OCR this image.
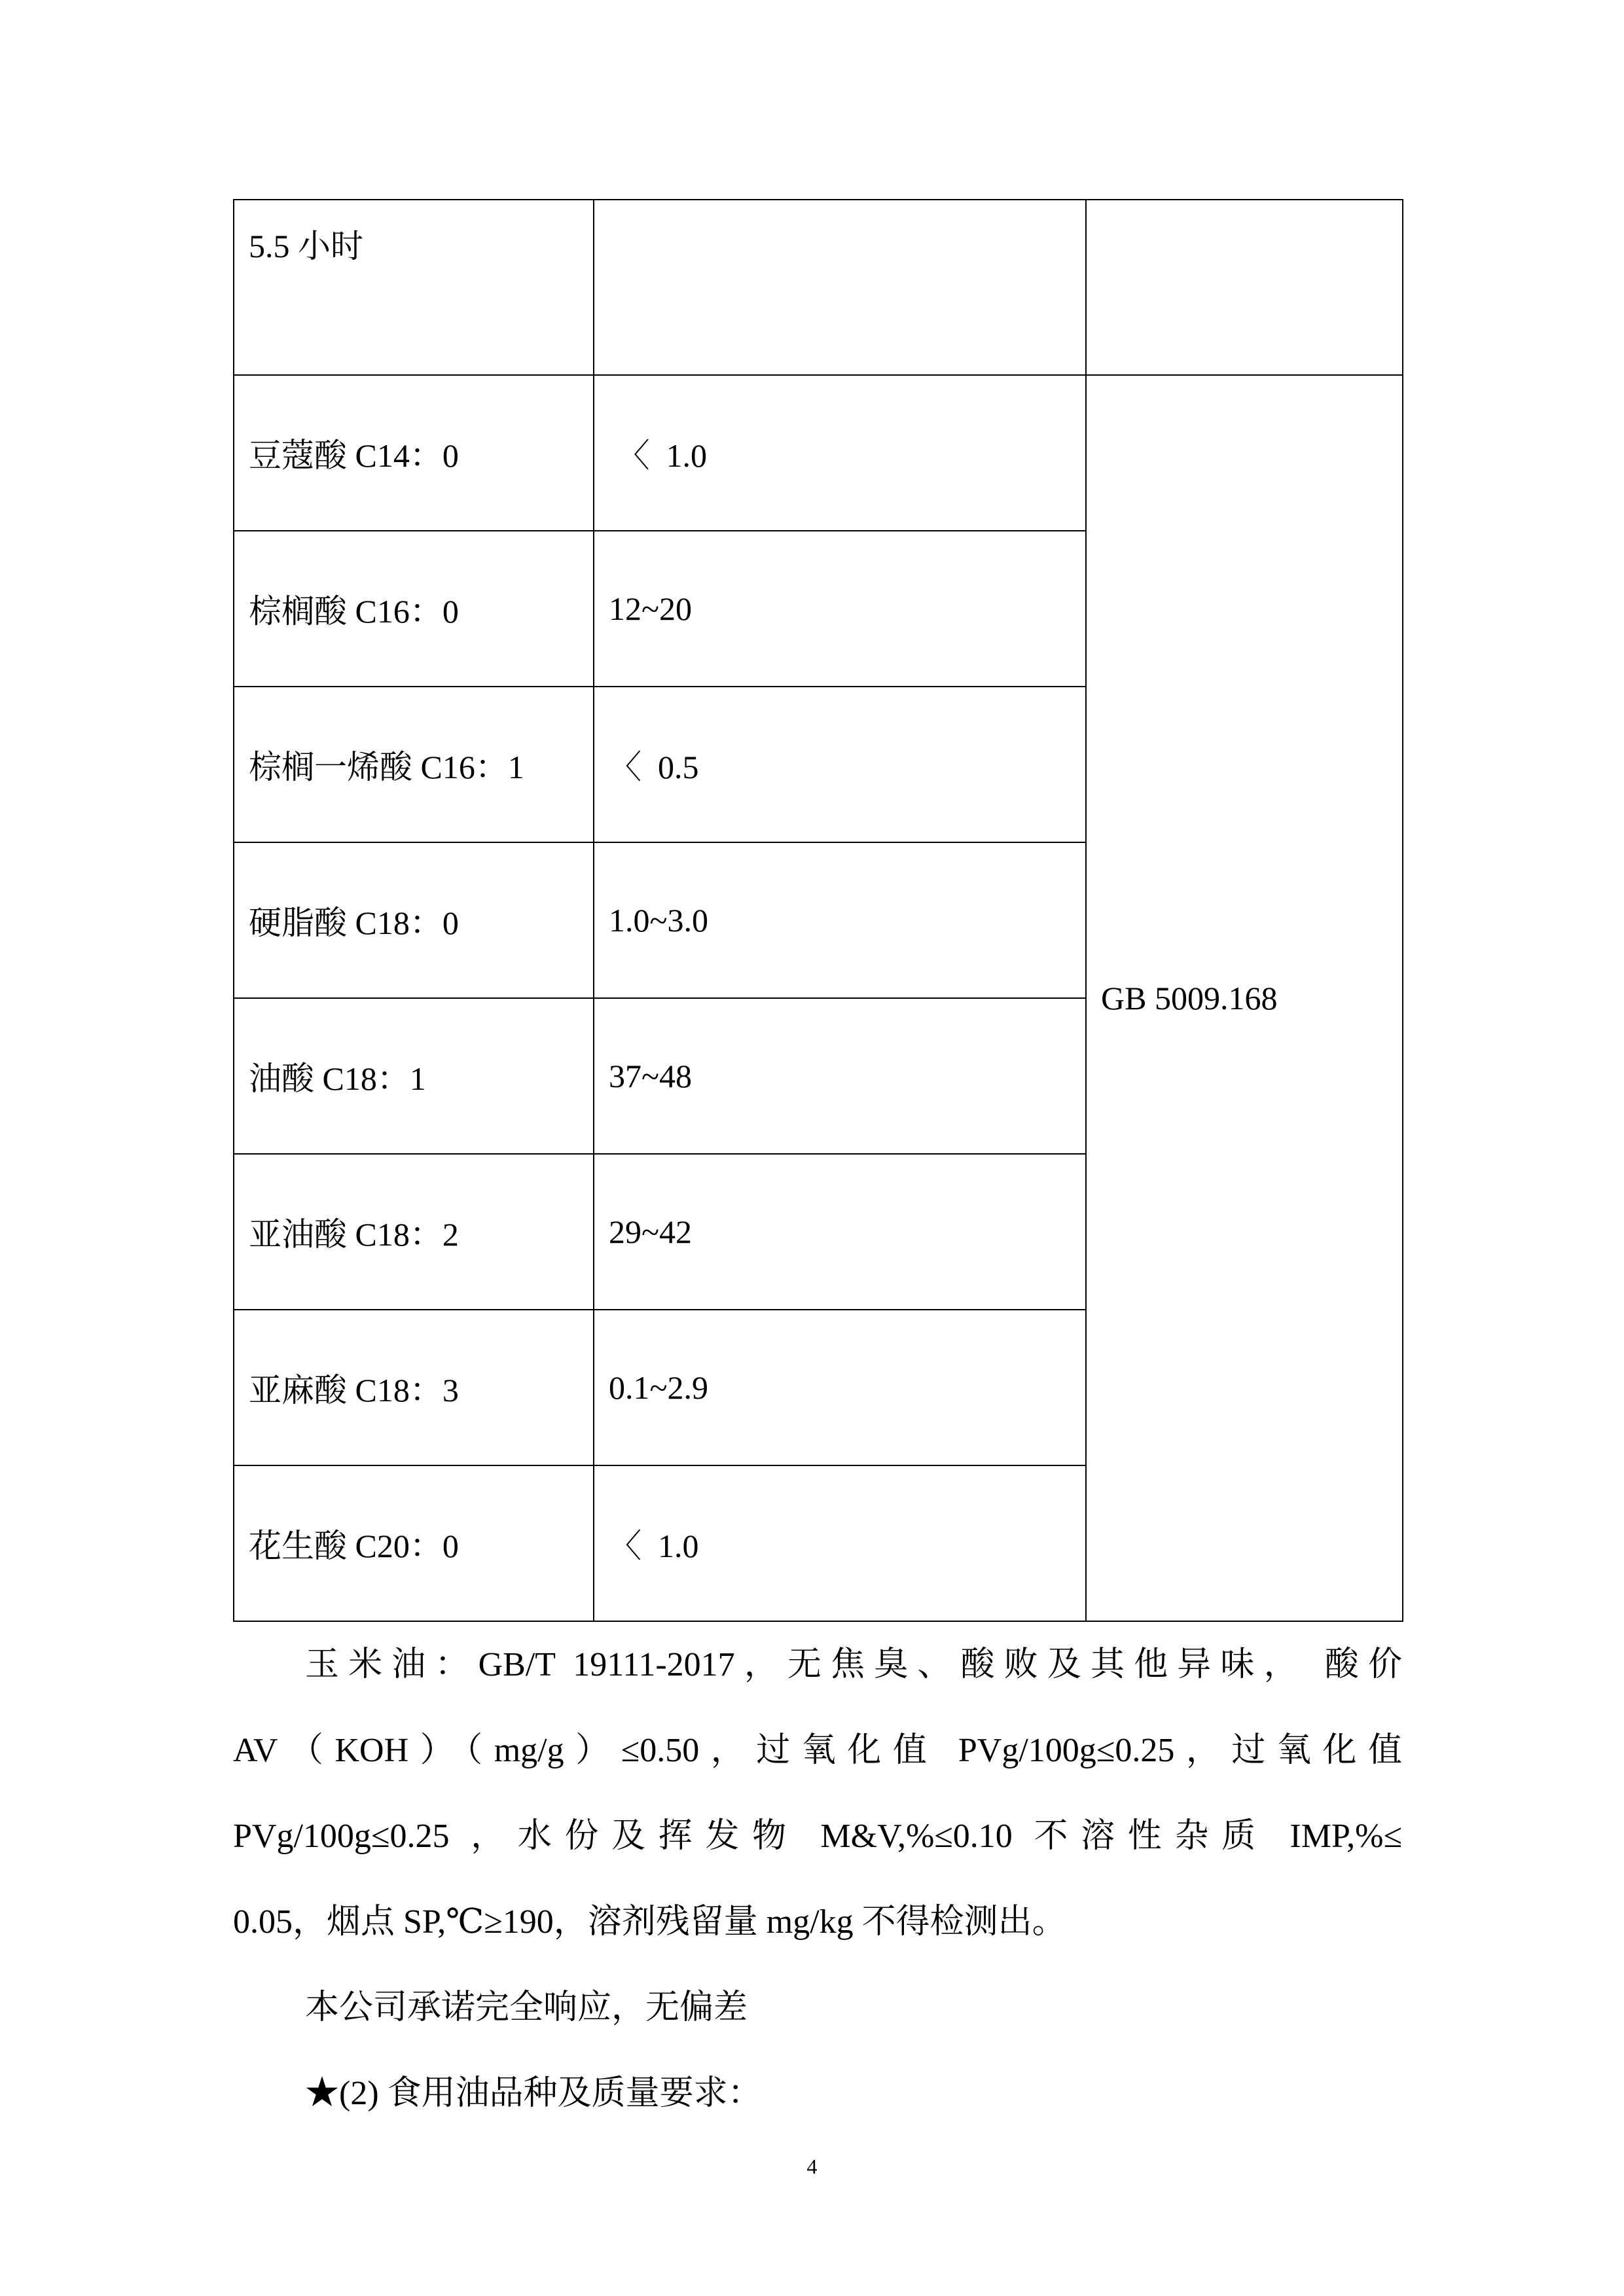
5.5 小时		
豆蔻酸 C14：0	〈  1.0	GB 5009.168
棕榈酸 C16：0	12~20	
棕榈一烯酸 C16：1	〈  0.5	
硬脂酸 C18：0	1.0~3.0	
油酸 C18：1	37~48	
亚油酸 C18：2	29~42	
亚麻酸 C18：3	0.1~2.9	
花生酸 C20：0	〈  1.0	
玉米油：GB/T 19111-2017，无焦臭、酸败及其他异味， 酸价
AV（KOH）（mg/g）≤0.50，过氧化值 PVg/100g≤0.25，过氧化值
PVg/100g≤0.25 ，水份及挥发物 M&V,%≤0.10 不溶性杂质 IMP,%≤
0.05，烟点 SP,℃≥190，溶剂残留量 mg/kg 不得检测出。
本公司承诺完全响应，无偏差
★(2) 食用油品种及质量要求：
4
